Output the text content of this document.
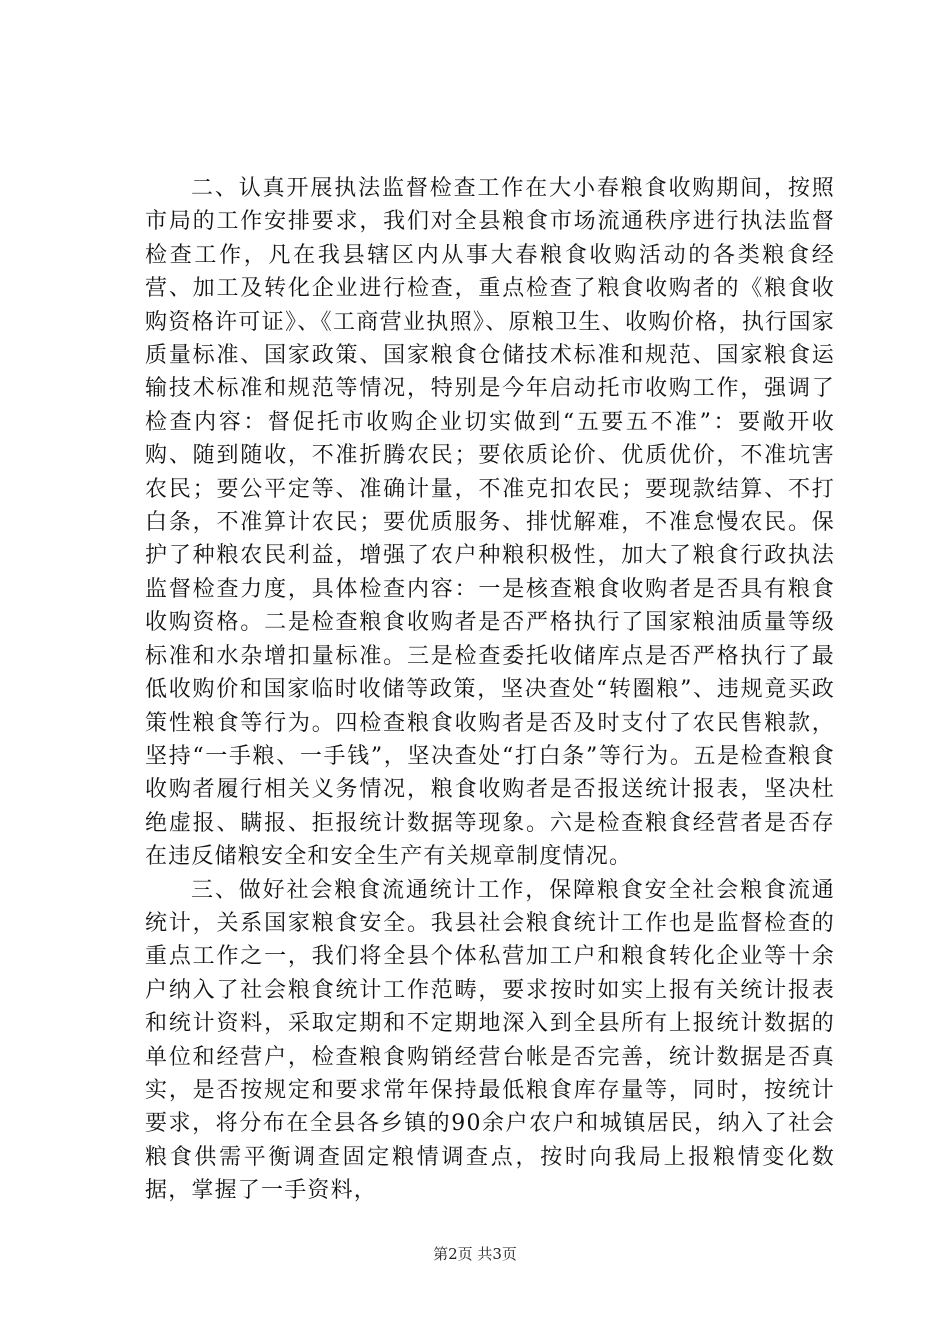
二、认真开展执法监督检查工作在大小春粮食收购期间，按照市局的工作安排要求，我们对全县粮食市场流通秩序进行执法监督检查工作，凡在我县辖区内从事大春粮食收购活动的各类粮食经营、加工及转化企业进行检查，重点检查了粮食收购者的《粮食收购资格许可证》、《工商营业执照》、原粮卫生、收购价格，执行国家质量标准、国家政策、国家粮食仓储技术标准和规范、国家粮食运输技术标准和规范等情况，特别是今年启动托市收购工作，强调了检查内容：督促托市收购企业切实做到“五要五不准”：要敞开收购、随到随收，不准折腾农民；要依质论价、优质优价，不准坑害农民；要公平定等、准确计量，不准克扣农民；要现款结算、不打白条，不准算计农民；要优质服务、排忧解难，不准怠慢农民。保护了种粮农民利益，增强了农户种粮积极性，加大了粮食行政执法监督检查力度，具体检查内容：一是核查粮食收购者是否具有粮食收购资格。二是检查粮食收购者是否严格执行了国家粮油质量等级标准和水杂增扣量标准。三是检查委托收储库点是否严格执行了最低收购价和国家临时收储等政策，坚决查处“转圈粮”、违规竟买政策性粮食等行为。四检查粮食收购者是否及时支付了农民售粮款，坚持“一手粮、一手钱”，坚决查处“打白条”等行为。五是检查粮食收购者履行相关义务情况，粮食收购者是否报送统计报表，坚决杜绝虚报、瞒报、拒报统计数据等现象。六是检查粮食经营者是否存在违反储粮安全和安全生产有关规章制度情况。

三、做好社会粮食流通统计工作，保障粮食安全社会粮食流通统计，关系国家粮食安全。我县社会粮食统计工作也是监督检查的重点工作之一，我们将全县个体私营加工户和粮食转化企业等十余户纳入了社会粮食统计工作范畴，要求按时如实上报有关统计报表和统计资料，采取定期和不定期地深入到全县所有上报统计数据的单位和经营户，检查粮食购销经营台帐是否完善，统计数据是否真实，是否按规定和要求常年保持最低粮食库存量等，同时，按统计要求，将分布在全县各乡镇的90余户农户和城镇居民，纳入了社会粮食供需平衡调查固定粮情调查点，按时向我局上报粮情变化数据，掌握了一手资料，

第2页 共3页
